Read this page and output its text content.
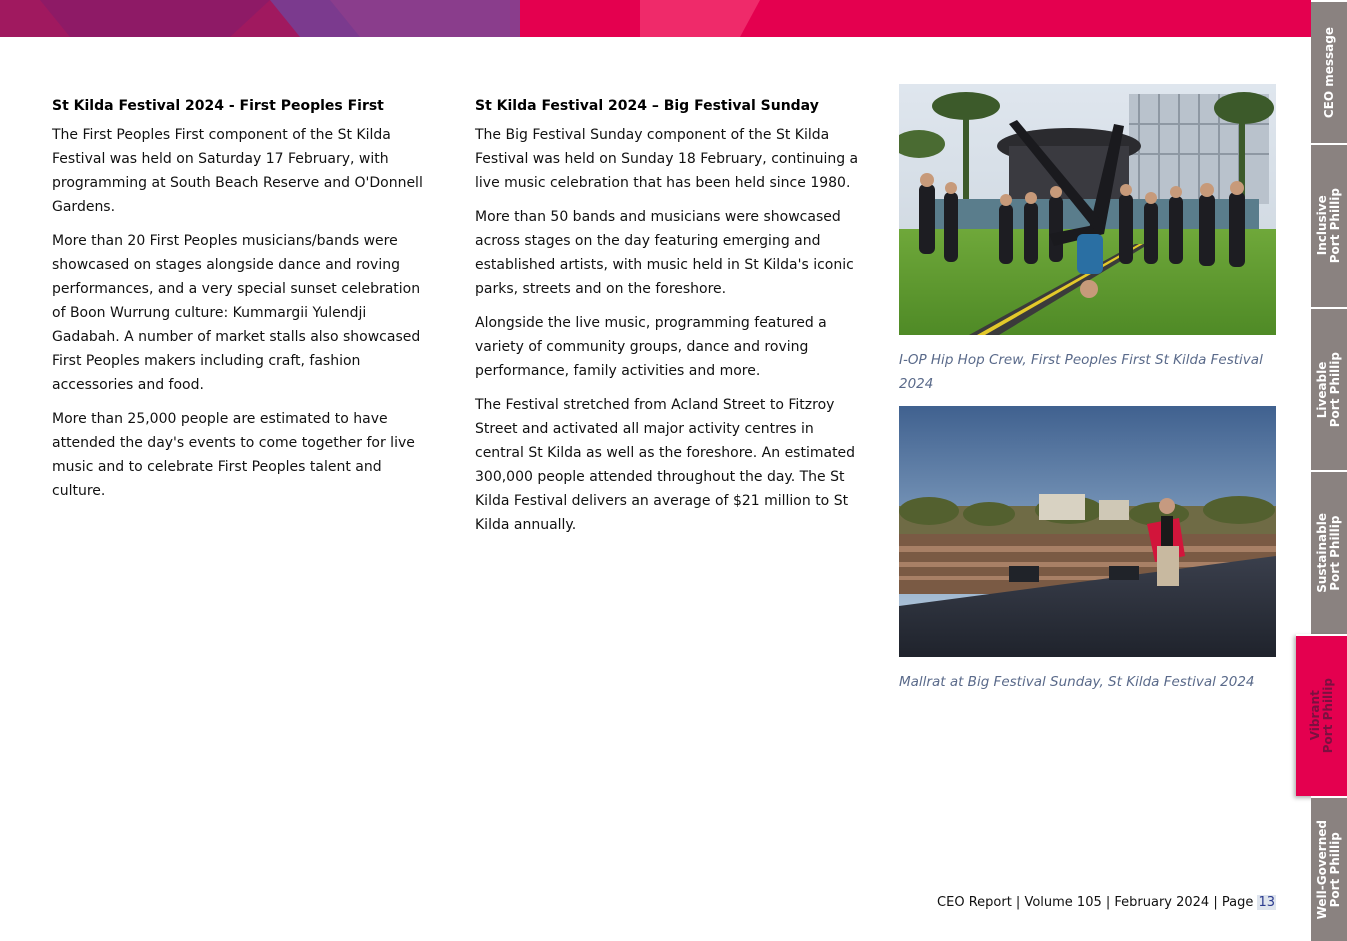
St Kilda Festival 2024 - First Peoples First

The First Peoples First component of the St Kilda Festival was held on Saturday 17 February, with programming at South Beach Reserve and O'Donnell Gardens.

More than 20 First Peoples musicians/bands were showcased on stages alongside dance and roving performances, and a very special sunset celebration of Boon Wurrung culture: Kummargii Yulendji Gadabah. A number of market stalls also showcased First Peoples makers including craft, fashion accessories and food.

More than 25,000 people are estimated to have attended the day's events to come together for live music and to celebrate First Peoples talent and culture.

St Kilda Festival 2024 – Big Festival Sunday

The Big Festival Sunday component of the St Kilda Festival was held on Sunday 18 February, continuing a live music celebration that has been held since 1980.

More than 50 bands and musicians were showcased across stages on the day featuring emerging and established artists, with music held in St Kilda's iconic parks, streets and on the foreshore.

Alongside the live music, programming featured a variety of community groups, dance and roving performance, family activities and more.

The Festival stretched from Acland Street to Fitzroy Street and activated all major activity centres in central St Kilda as well as the foreshore. An estimated 300,000 people attended throughout the day. The St Kilda Festival delivers an average of $21 million to St Kilda annually.

I-OP Hip Hop Crew, First Peoples First St Kilda Festival 2024
Mallrat at Big Festival Sunday, St Kilda Festival 2024
CEO Report | Volume 105 | February 2024 | Page 13
CEO message
Inclusive
Port Phillip
Liveable
Port Phillip
Sustainable
Port Phillip
Vibrant
Port Phillip
Well-Governed
Port Phillip
